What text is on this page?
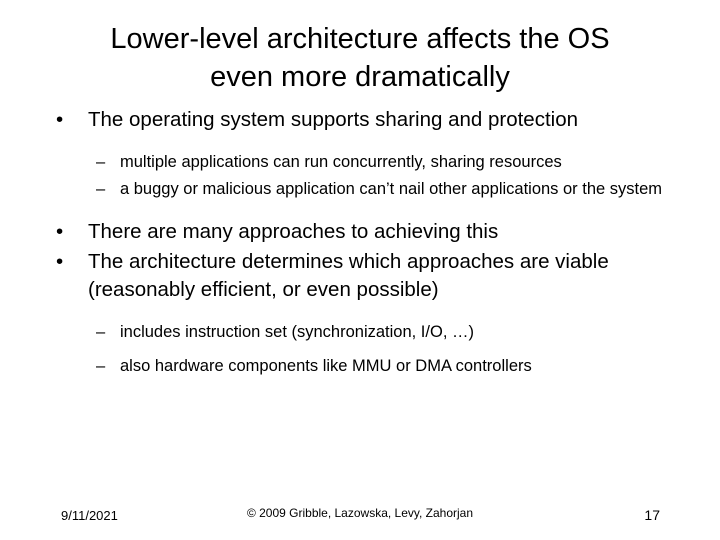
Lower-level architecture affects the OS
even more dramatically
•	The operating system supports sharing and protection
– multiple applications can run concurrently, sharing resources
– a buggy or malicious application can’t nail other applications or the system
•	There are many approaches to achieving this
•	The architecture determines which approaches are viable (reasonably efficient, or even possible)
– includes instruction set (synchronization, I/O, …)
– also hardware components like MMU or DMA controllers
9/11/2021	© 2009 Gribble, Lazowska, Levy, Zahorjan	17
